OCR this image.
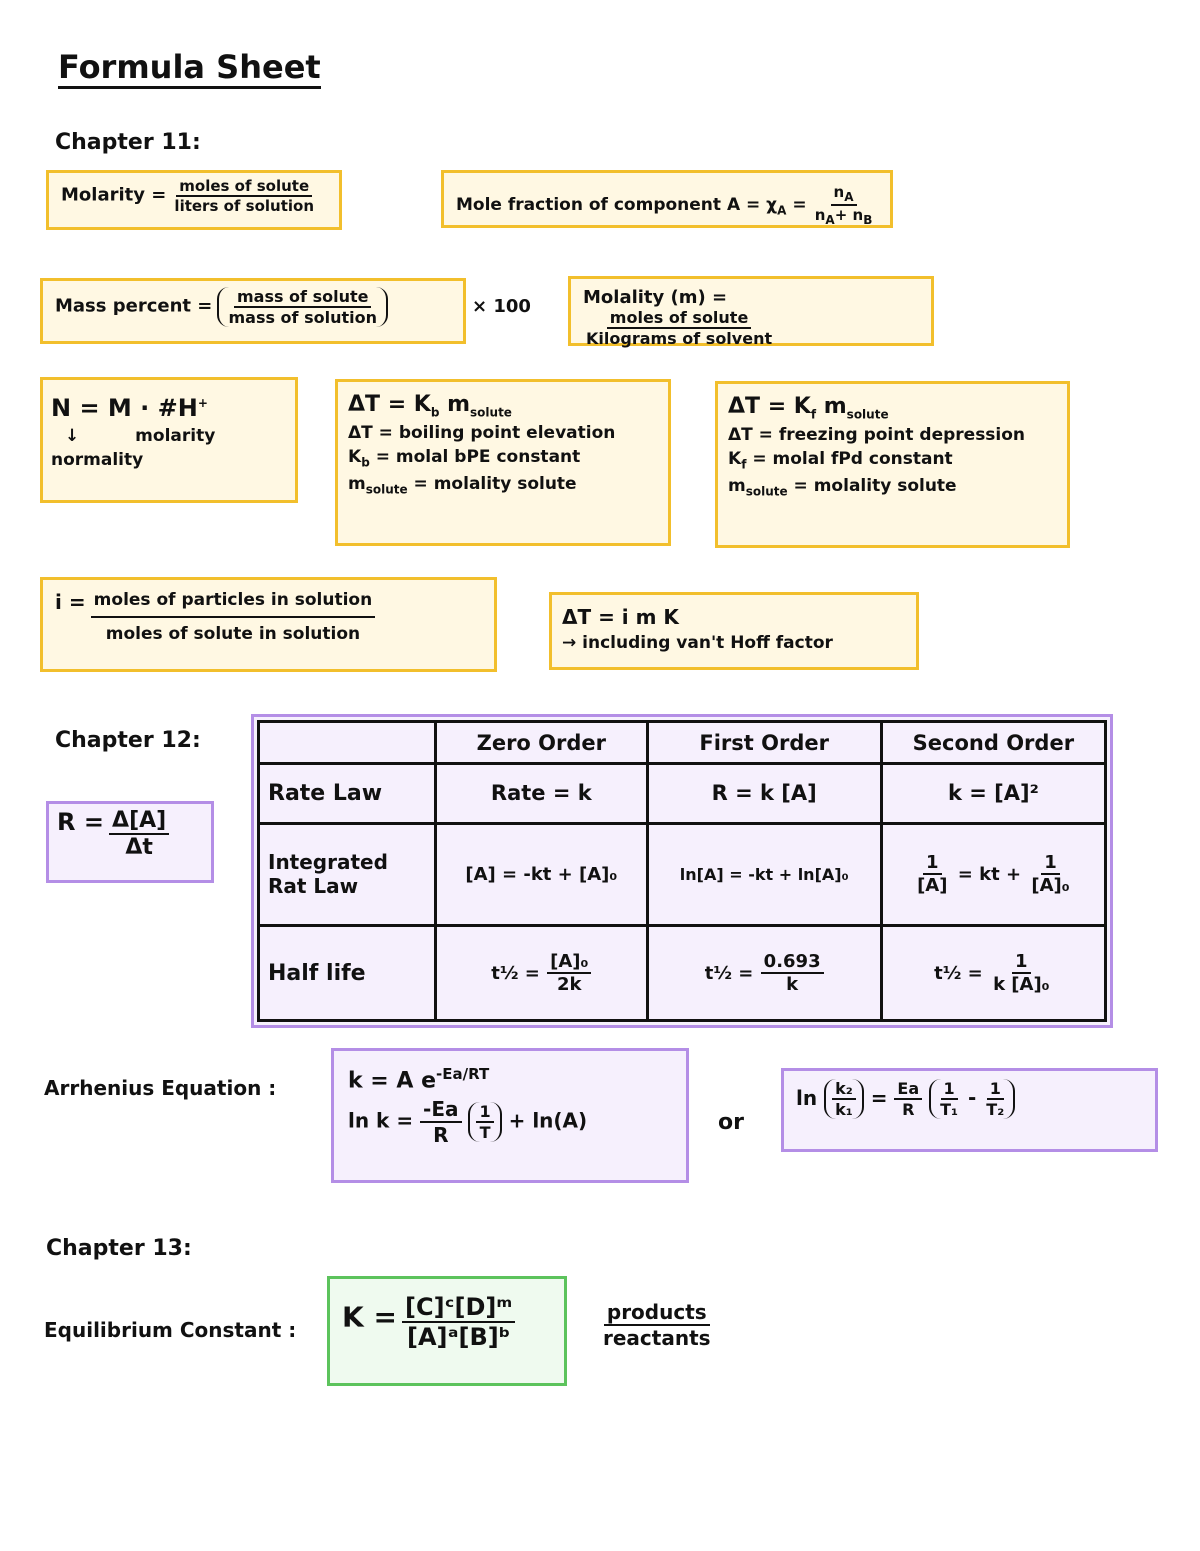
Formula Sheet
Chapter 11:
Molarity = $\frac{\text{moles of solute}}{\text{liters of solution}}$	Mole fraction of component $A = \chi_A = \frac{n_A}{n_A+ n_B}$
Mass percent = $\frac{\text{mass of solute}}{\text{mass of solution}}$	× 100	Molality (m) =
$\frac{\text{moles of solute}}{\text{Kilograms of solvent}}$
N = M · #H+
↓	molarity
normality
$\Delta T = K_b$ $m_{solute}$
ΔT = boiling point elevation
$K_b$ = molal bPE constant
$m_{solute}$ = molality solute
$\Delta T = K_f$ $m_{solute}$
ΔT = freezing point depression
$K_f$ = molal fPd constant
$m_{solute}$ = molality solute
$i = \frac{\text{moles of particles in solution}}{\text{moles of solute in solution}}$	ΔT = i m K
→ including van't Hoff factor
Chapter 12:
$R = \frac{\Delta[A]}{\Delta t}$
	Zero Order	First Order	Second Order
Rate Law	Rate = k	R = k [A]	k = [A]²
Integrated Rat Law	[A] = -kt + [A]₀	ln[A] = -kt + ln[A]₀	$\frac{1}{[A]}$ = kt + $\frac{1}{\text{[A]₀}}$

Half life	t½ = $\frac{\text{[A]₀}}{2k}$	t½ = $\frac{0.693}{k}$	t½ = $\frac{1}{\text{k [A]₀}}$
Arrhenius Equation :	k = A $e^{-Ea/RT}$
$\ln k = \frac{-Ea}{R}$
$\frac{1}{T} + \ln(A)$	or
$\ln \frac{\text{k₂}}{\text{k₁}} = \frac{Ea}{R}$
$\frac{1}{\text{T₁}} - \frac{1}{\text{T₂}}$
Chapter 13:
Equilibrium Constant :	$K = \frac{\text{[C]ᶜ[D]ᵐ}}{\text{[A]ᵃ[B]ᵇ}}$	products
reactants
